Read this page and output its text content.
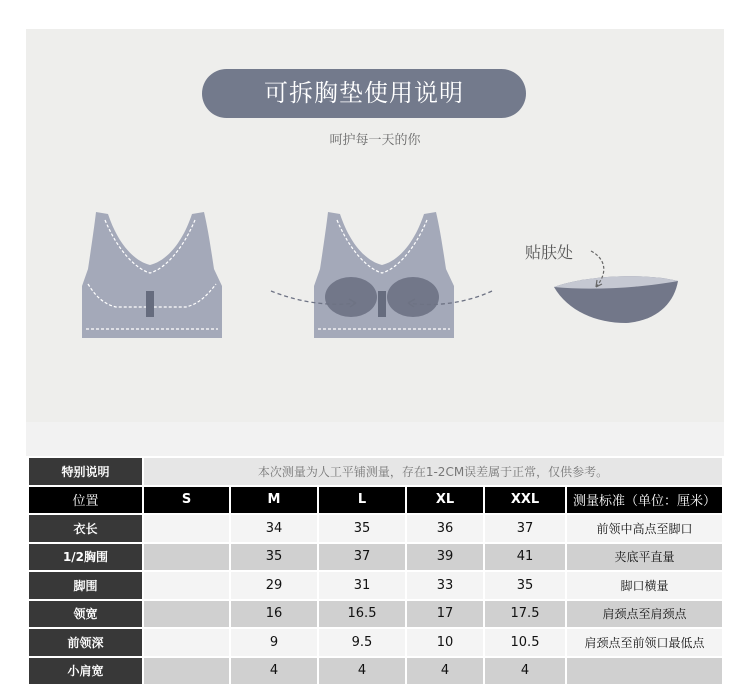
可拆胸垫使用说明
呵护每一天的你
贴肤处
特别说明	本次测量为人工平铺测量，存在1-2CM误差属于正常，仅供参考。					
位置	S	M	L	XL	XXL	测量标准（单位：厘米）
衣长		34	35	36	37	前领中高点至脚口
1/2胸围		35	37	39	41	夹底平直量
脚围		29	31	33	35	脚口横量
领宽		16	16.5	17	17.5	肩颈点至肩颈点
前领深		9	9.5	10	10.5	肩颈点至前领口最低点
小肩宽		4	4	4	4	
